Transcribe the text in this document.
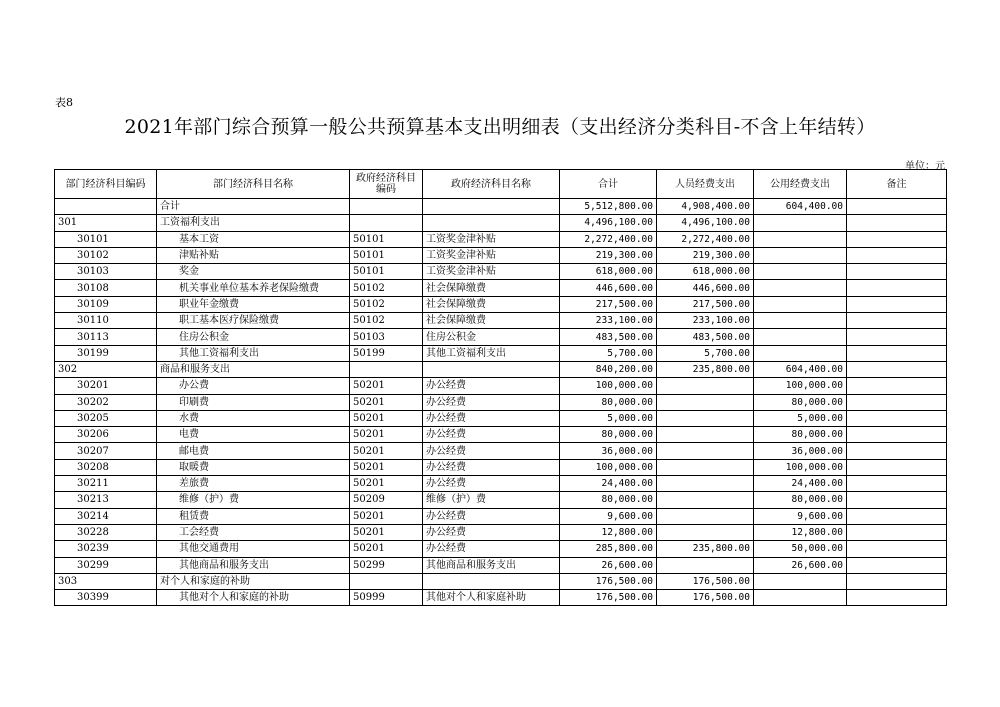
表8
2021年部门综合预算一般公共预算基本支出明细表（支出经济分类科目-不含上年结转）
单位：元
部门经济科目编码	部门经济科目名称	政府经济科目编码	政府经济科目名称	合计	人员经费支出	公用经费支出	备注
	合计			5,512,800.00	4,908,400.00	604,400.00	
301	工资福利支出			4,496,100.00	4,496,100.00		
30101	基本工资	50101	工资奖金津补贴	2,272,400.00	2,272,400.00		
30102	津贴补贴	50101	工资奖金津补贴	219,300.00	219,300.00		
30103	奖金	50101	工资奖金津补贴	618,000.00	618,000.00		
30108	机关事业单位基本养老保险缴费	50102	社会保障缴费	446,600.00	446,600.00		
30109	职业年金缴费	50102	社会保障缴费	217,500.00	217,500.00		
30110	职工基本医疗保险缴费	50102	社会保障缴费	233,100.00	233,100.00		
30113	住房公积金	50103	住房公积金	483,500.00	483,500.00		
30199	其他工资福利支出	50199	其他工资福利支出	5,700.00	5,700.00		
302	商品和服务支出			840,200.00	235,800.00	604,400.00	
30201	办公费	50201	办公经费	100,000.00		100,000.00	
30202	印刷费	50201	办公经费	80,000.00		80,000.00	
30205	水费	50201	办公经费	5,000.00		5,000.00	
30206	电费	50201	办公经费	80,000.00		80,000.00	
30207	邮电费	50201	办公经费	36,000.00		36,000.00	
30208	取暖费	50201	办公经费	100,000.00		100,000.00	
30211	差旅费	50201	办公经费	24,400.00		24,400.00	
30213	维修（护）费	50209	维修（护）费	80,000.00		80,000.00	
30214	租赁费	50201	办公经费	9,600.00		9,600.00	
30228	工会经费	50201	办公经费	12,800.00		12,800.00	
30239	其他交通费用	50201	办公经费	285,800.00	235,800.00	50,000.00	
30299	其他商品和服务支出	50299	其他商品和服务支出	26,600.00		26,600.00	
303	对个人和家庭的补助			176,500.00	176,500.00		
30399	其他对个人和家庭的补助	50999	其他对个人和家庭补助	176,500.00	176,500.00		
